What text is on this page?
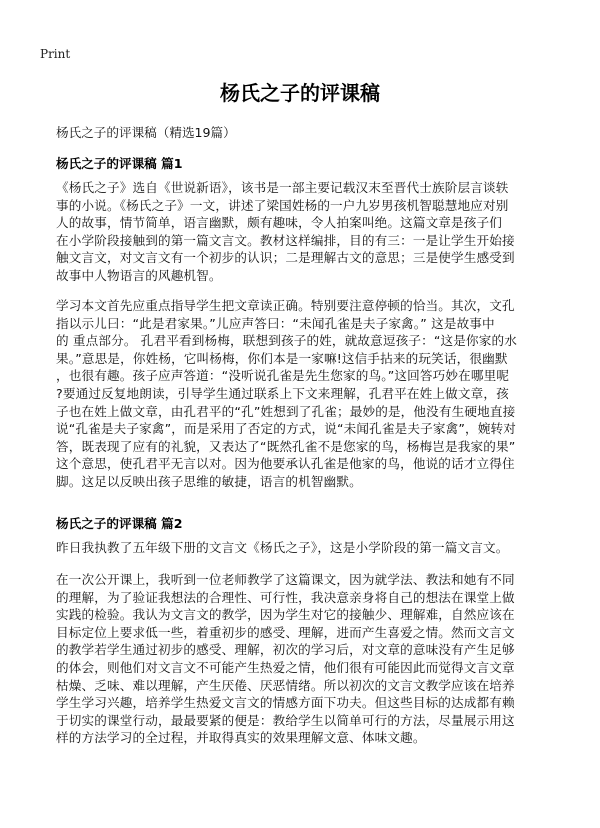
Print
杨氏之子的评课稿

杨氏之子的评课稿（精选19篇）

杨氏之子的评课稿 篇1

《杨氏之子》选自《世说新语》，该书是一部主要记载汉末至晋代士族阶层言谈轶
事的小说。《杨氏之子》一文，讲述了梁国姓杨的一户九岁男孩机智聪慧地应对别
人的故事，情节简单，语言幽默，颇有趣味，令人拍案叫绝。这篇文章是孩子们
在小学阶段接触到的第一篇文言文。教材这样编排，目的有三：一是让学生开始接
触文言文，对文言文有一个初步的认识；二是理解古文的意思；三是使学生感受到
故事中人物语言的风趣机智。

学习本文首先应重点指导学生把文章读正确。特别要注意停顿的恰当。其次，文孔
指以示儿曰：“此是君家果。”儿应声答曰：“未闻孔雀是夫子家禽。” 这是故事中
的 重点部分。 孔君平看到杨梅，联想到孩子的姓，就故意逗孩子：“这是你家的水
果。”意思是，你姓杨，它叫杨梅，你们本是一家嘛!这信手拈来的玩笑话，很幽默
，也很有趣。孩子应声答道：“没听说孔雀是先生您家的鸟。”这回答巧妙在哪里呢
?要通过反复地朗读，引导学生通过联系上下文来理解，孔君平在姓上做文章，孩
子也在姓上做文章，由孔君平的“孔”姓想到了孔雀；最妙的是，他没有生硬地直接
说“孔雀是夫子家禽”，而是采用了否定的方式，说“未闻孔雀是夫子家禽”，婉转对
答，既表现了应有的礼貌，又表达了“既然孔雀不是您家的鸟，杨梅岂是我家的果”
这个意思，使孔君平无言以对。因为他要承认孔雀是他家的鸟，他说的话才立得住
脚。这足以反映出孩子思维的敏捷，语言的机智幽默。

杨氏之子的评课稿 篇2

昨日我执教了五年级下册的文言文《杨氏之子》，这是小学阶段的第一篇文言文。

在一次公开课上，我听到一位老师教学了这篇课文，因为就学法、教法和她有不同
的理解，为了验证我想法的合理性、可行性，我决意亲身将自己的想法在课堂上做
实践的检验。我认为文言文的教学，因为学生对它的接触少、理解难，自然应该在
目标定位上要求低一些，着重初步的感受、理解，进而产生喜爱之情。然而文言文
的教学若学生通过初步的感受、理解，初次的学习后，对文章的意味没有产生足够
的体会，则他们对文言文不可能产生热爱之情，他们很有可能因此而觉得文言文章
枯燥、乏味、难以理解，产生厌倦、厌恶情绪。所以初次的文言文教学应该在培养
学生学习兴趣，培养学生热爱文言文的情感方面下功夫。但这些目标的达成都有赖
于切实的课堂行动，最最要紧的便是：教给学生以简单可行的方法，尽量展示用这
样的方法学习的全过程，并取得真实的效果理解文意、体味文趣。
